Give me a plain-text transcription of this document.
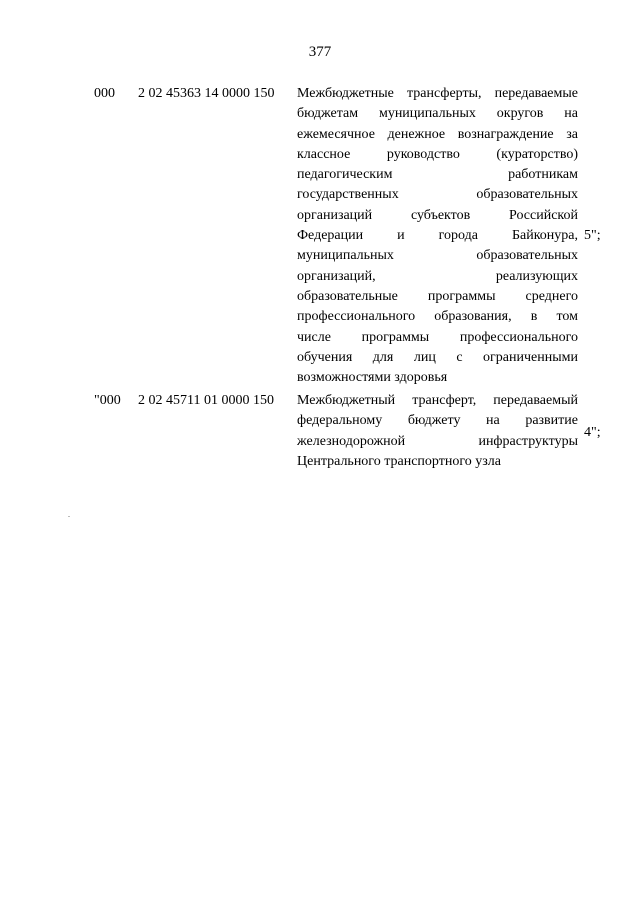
377
000 2 02 45363 14 0000 150 Межбюджетные трансферты, передаваемые
бюджетам муниципальных округов на
ежемесячное денежное вознаграждение за
классное руководство (кураторство)
педагогическим работникам
государственных образовательных
организаций субъектов Российской
Федерации и города Байконура,
муниципальных образовательных
организаций, реализующих
образовательные программы среднего
профессионального образования, в том
числе программы профессионального
обучения для лиц с ограниченными
возможностями здоровья
5";
"000 2 02 45711 01 0000 150 Межбюджетный трансферт, передаваемый
федеральному бюджету на развитие
железнодорожной инфраструктуры
Центрального транспортного узла
4";
